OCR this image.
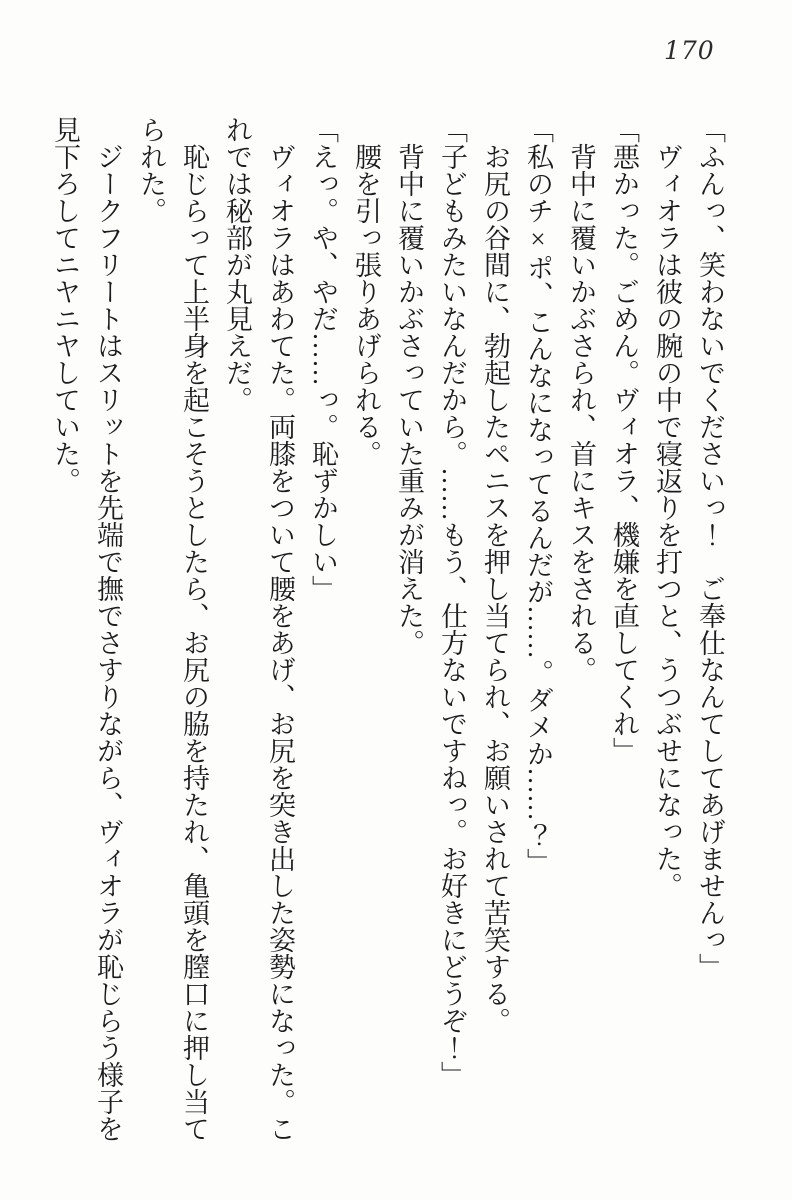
170

「ふんっ、笑わないでくださいっ！　ご奉仕なんてしてあげませんっ」

ヴィオラは彼の腕の中で寝返りを打つと、うつぶせになった。

「悪かった。ごめん。ヴィオラ、機嫌を直してくれ」

背中に覆いかぶさられ、首にキスをされる。

「私のチ×ポ、こんなになってるんだが……。ダメか……？」

お尻の谷間に、勃起したペニスを押し当てられ、お願いされて苦笑する。

「子どもみたいなんだから。……もう、仕方ないですねっ。お好きにどうぞ！」

背中に覆いかぶさっていた重みが消えた。

腰を引っ張りあげられる。

「えっ。や、やだ……っ。恥ずかしい」

ヴィオラはあわてた。両膝をついて腰をあげ、お尻を突き出した姿勢になった。これでは秘部が丸見えだ。

恥じらって上半身を起こそうとしたら、お尻の脇を持たれ、亀頭を膣口に押し当てられた。

ジークフリートはスリットを先端で撫でさすりながら、ヴィオラが恥じらう様子を見下ろしてニヤニヤしていた。
